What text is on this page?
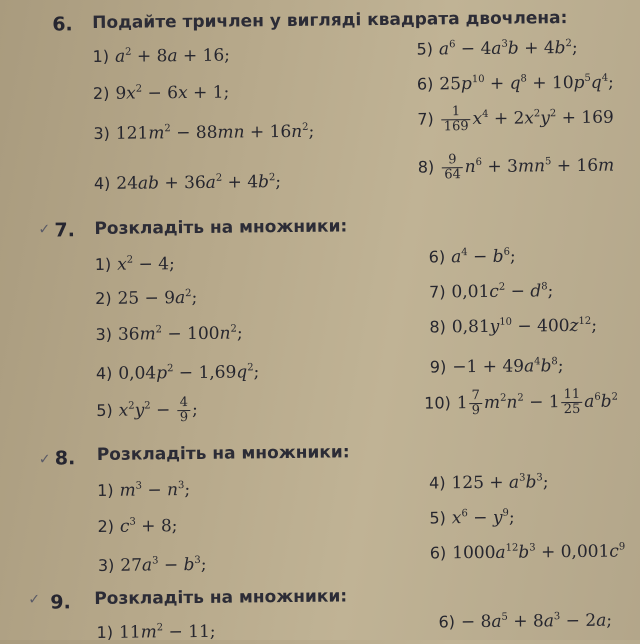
6. Подайте тричлен у вигляді квадрата двочлена:
1) $a^2 + 8a + 16$;
2) $9x^2 - 6x + 1$;
3) $121m^2 - 88mn + 16n^2$;
4) $24ab + 36a^2 + 4b^2$;
5) $a^6 - 4a^3b + 4b^2$;
6) $25p^{10} + q^8 + 10p^5q^4$;
$7) \frac{1}{169} x^4 + 2x^2y^2 + 169$
$8) \frac{9}{64} n^6 + 3mn^5 + 16m$
✓ 7. Розкладіть на множники:
1) $x^2 - 4$;
2) $25 - 9a^2$;
3) $36m^2 - 100n^2$;
4) $0,04p^2 - 1,69q^2$;
5) $x^2y^2 - \frac{4}{9}$ ;
6) $a^4 - b^6$;
7) $0,01c^2 - d^8$;
8) $0,81y^{10} - 400z^{12}$;
$9) -1 + 49a^4b^8$;
10) $1 \frac{7}{9} m^2n^2 - 1 \frac{11}{25} a^6b^2$
✓ 8. Розкладіть на множники:
1) $m^3 - n^3$;
2) $c^3 + 8$;
3) $27a^3 - b^3$;
4) $125 + a^3b^3$;
5) $x^6 - y^9$;
6) $1000a^{12}b^3 + 0,001c^9$
✓ 9. Розкладіть на множники:
1) $11m^2 - 11$;	$6) - 8a^5 + 8a^3 - 2a$;
